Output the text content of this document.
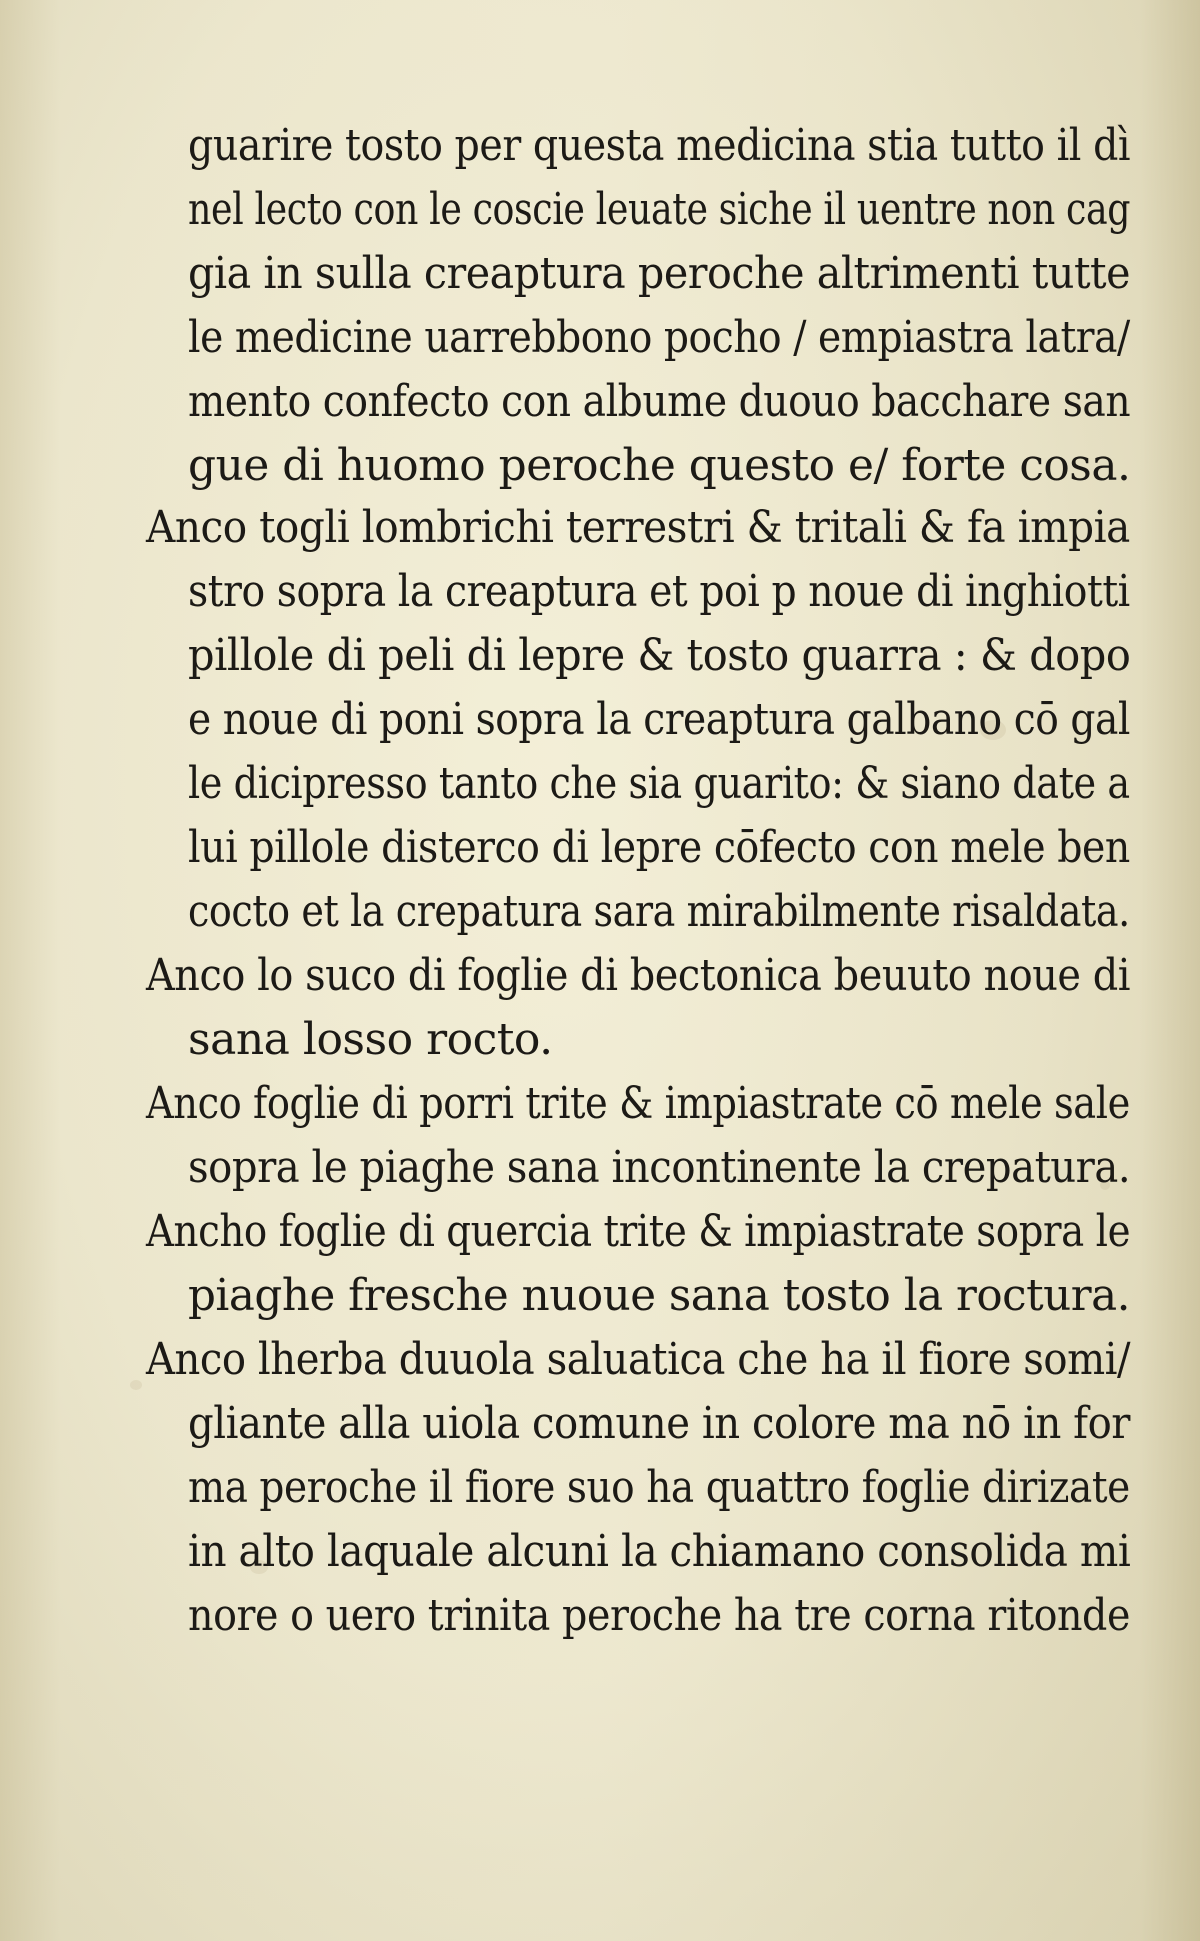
guarire tosto per questa medicina stia tutto il dì
nel lecto con le coscie leuate siche il uentre non cag
gia in sulla creaptura peroche altrimenti tutte
le medicine uarrebbono pocho / empiastra latra/
mento confecto con albume duouo bacchare san
gue di huomo peroche questo e/ forte cosa.
Anco togli lombrichi terrestri & tritali & fa impia
stro sopra la creaptura et poi p noue di inghiotti
pillole di peli di lepre & tosto guarra : & dopo
e noue di poni sopra la creaptura galbano cō gal
le dicipresso tanto che sia guarito: & siano date a
lui pillole disterco di lepre cōfecto con mele ben
cocto et la crepatura sara mirabilmente risaldata.
Anco lo suco di foglie di bectonica beuuto noue di
sana losso rocto.
Anco foglie di porri trite & impiastrate cō mele sale
sopra le piaghe sana incontinente la crepatura.
Ancho foglie di quercia trite & impiastrate sopra le
piaghe fresche nuoue sana tosto la roctura.
Anco lherba duuola saluatica che ha il fiore somi/
gliante alla uiola comune in colore ma nō in for
ma peroche il fiore suo ha quattro foglie dirizate
in alto laquale alcuni la chiamano consolida mi
nore o uero trinita peroche ha tre corna ritonde
